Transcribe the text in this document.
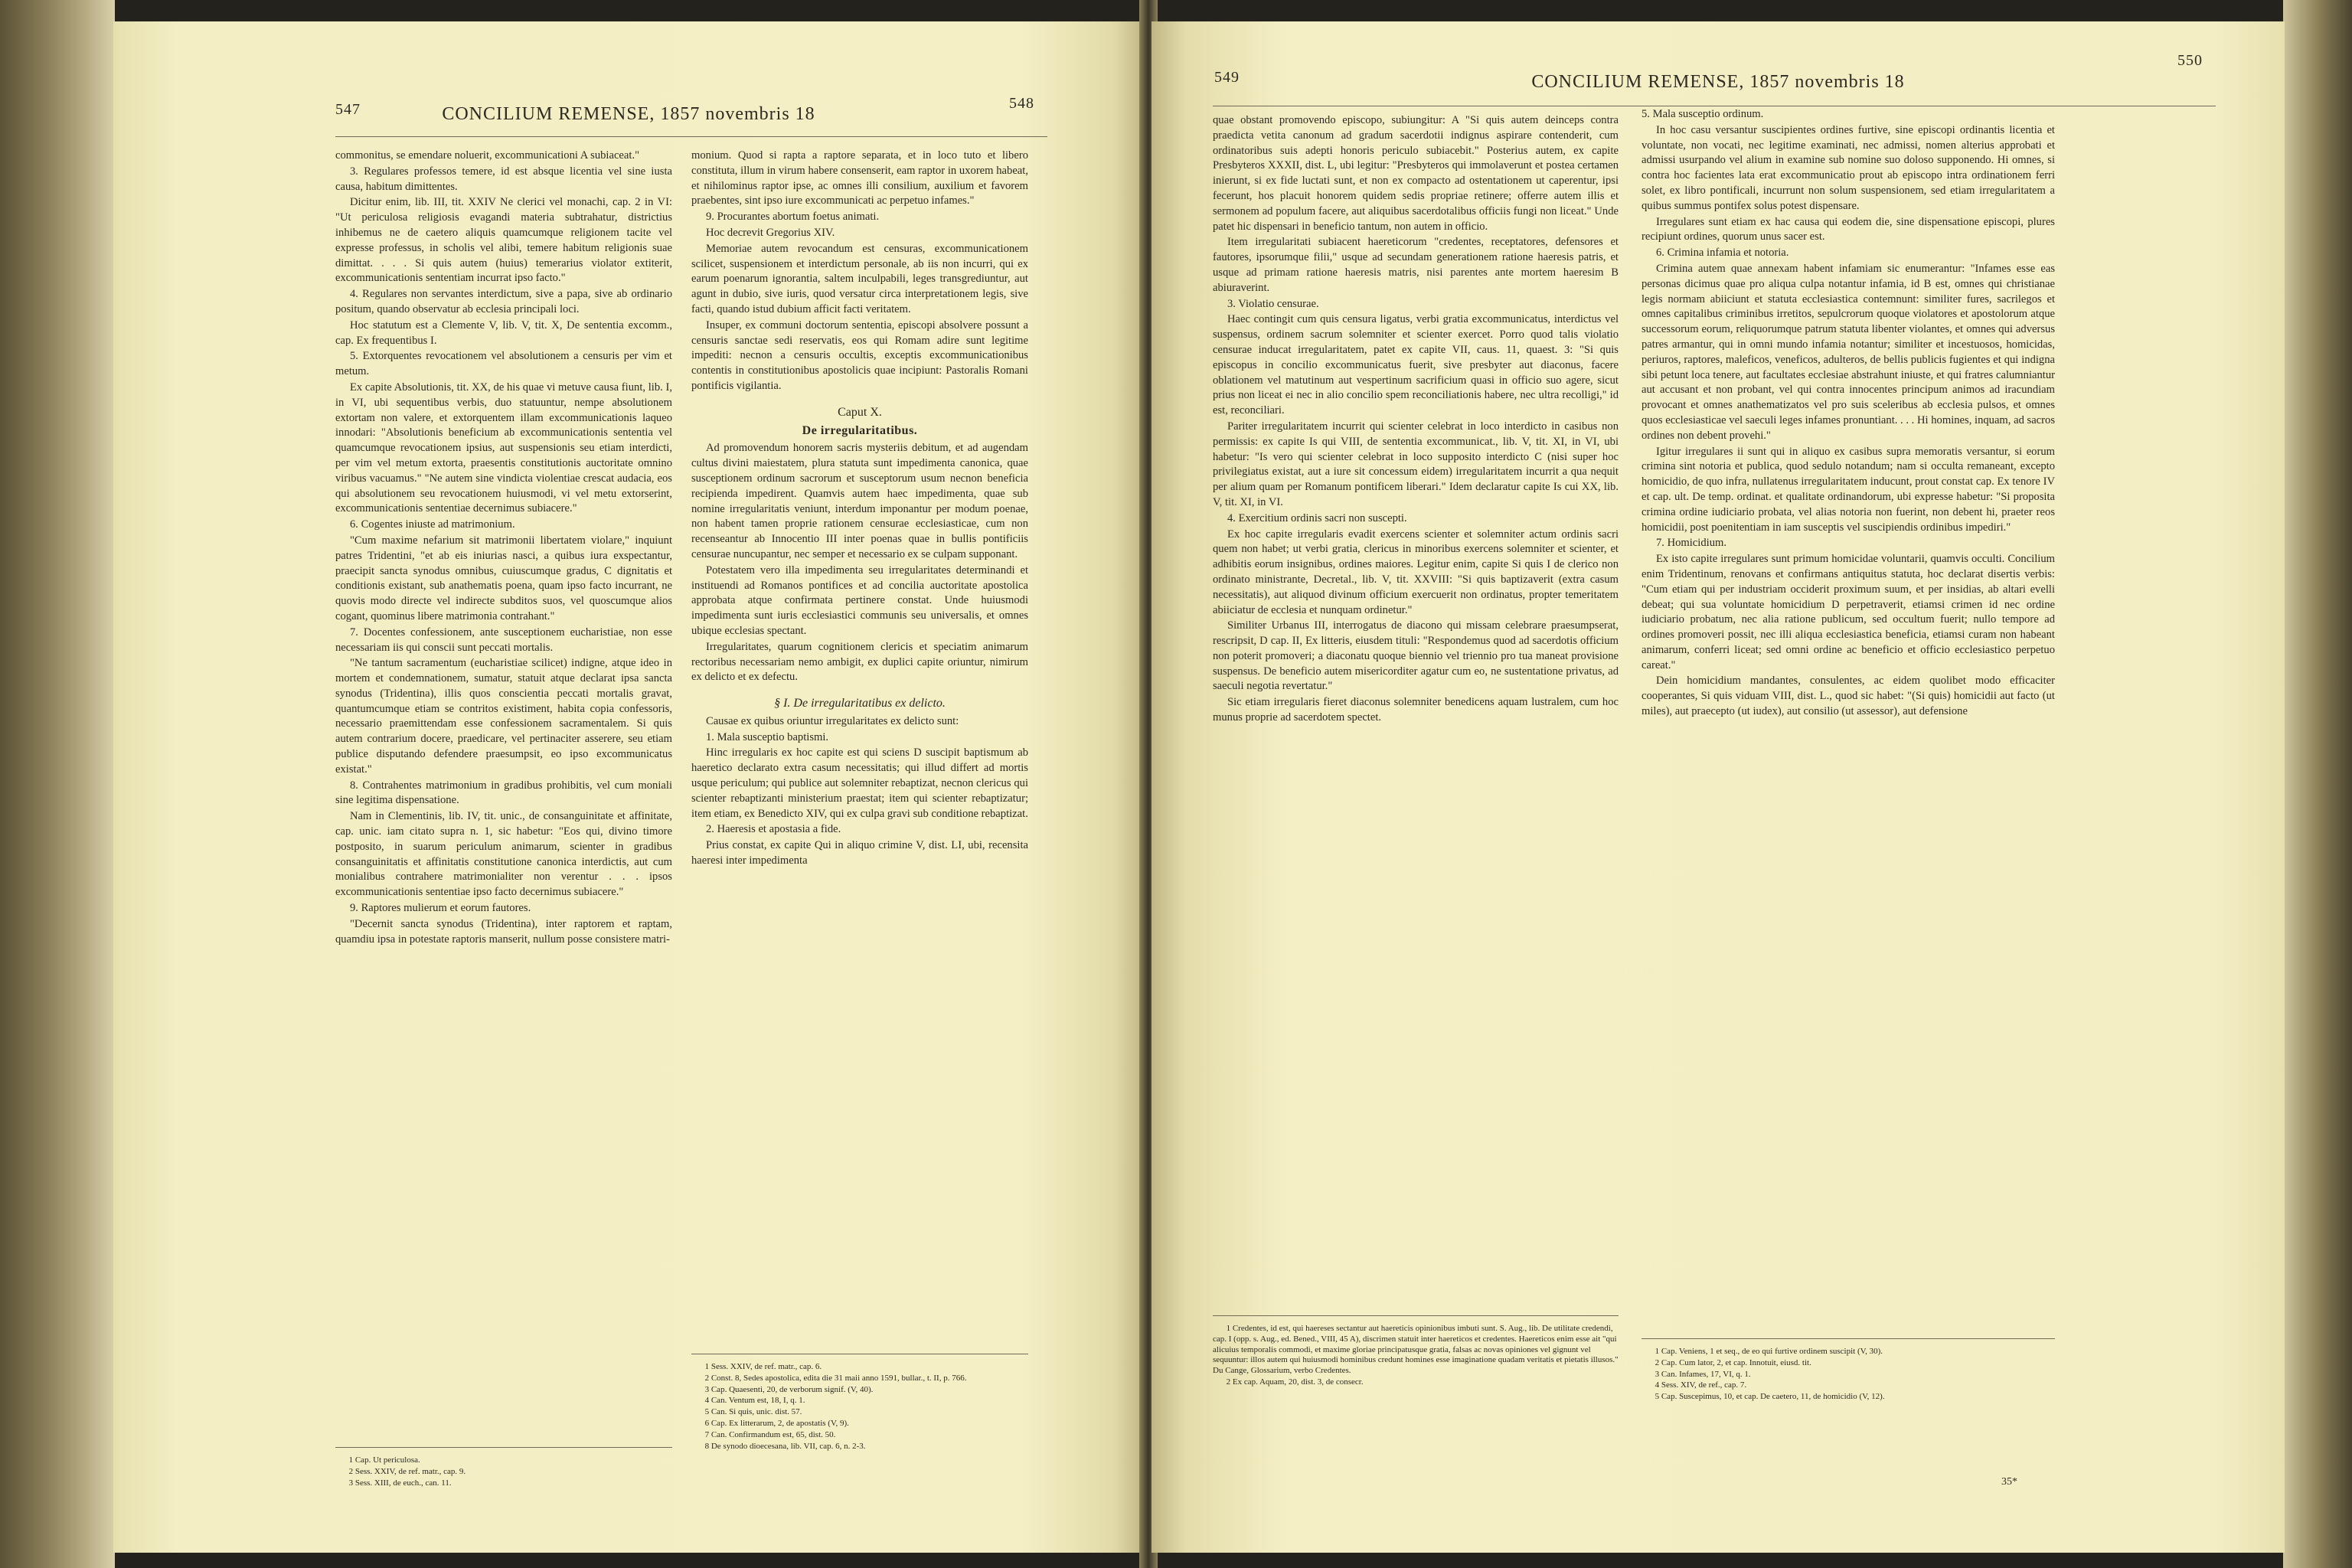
547	CONCILIUM REMENSE, 1857 novembris 18
548

commonitus, se emendare noluerit, excommunicationi A subiaceat."

3. Regulares professos temere, id est absque licentia vel sine iusta causa, habitum dimittentes.

Dicitur enim, lib. III, tit. XXIV Ne clerici vel monachi, cap. 2 in VI: "Ut periculosa religiosis evagandi materia subtrahatur, districtius inhibemus ne de caetero aliquis quamcumque religionem tacite vel expresse professus, in scholis vel alibi, temere habitum religionis suae dimittat. . . . Si quis autem (huius) temerarius violator extiterit, excommunicationis sententiam incurrat ipso facto."

4. Regulares non servantes interdictum, sive a papa, sive ab ordinario positum, quando observatur ab ecclesia principali loci.

Hoc statutum est a Clemente V, lib. V, tit. X, De sententia excomm., cap. Ex frequentibus I.

5. Extorquentes revocationem vel absolutionem a censuris per vim et metum.

Ex capite Absolutionis, tit. XX, de his quae vi metuve causa fiunt, lib. I, in VI, ubi sequentibus verbis, duo statuuntur, nempe absolutionem extortam non valere, et extorquentem illam excommunicationis laqueo innodari: "Absolutionis beneficium ab excommunicationis sententia vel quamcumque revocationem ipsius, aut suspensionis seu etiam interdicti, per vim vel metum extorta, praesentis constitutionis auctoritate omnino viribus vacuamus." "Ne autem sine vindicta violentiae crescat audacia, eos qui absolutionem seu revocationem huiusmodi, vi vel metu extorserint, excommunicationis sententiae decernimus subiacere."

6. Cogentes iniuste ad matrimonium.

"Cum maxime nefarium sit matrimonii libertatem violare," inquiunt patres Tridentini, "et ab eis iniurias nasci, a quibus iura exspectantur, praecipit sancta synodus omnibus, cuiuscumque gradus, C dignitatis et conditionis existant, sub anathematis poena, quam ipso facto incurrant, ne quovis modo directe vel indirecte subditos suos, vel quoscumque alios cogant, quominus libere matrimonia contrahant."

7. Docentes confessionem, ante susceptionem eucharistiae, non esse necessariam iis qui conscii sunt peccati mortalis.

"Ne tantum sacramentum (eucharistiae scilicet) indigne, atque ideo in mortem et condemnationem, sumatur, statuit atque declarat ipsa sancta synodus (Tridentina), illis quos conscientia peccati mortalis gravat, quantumcumque etiam se contritos existiment, habita copia confessoris, necessario praemittendam esse confessionem sacramentalem. Si quis autem contrarium docere, praedicare, vel pertinaciter asserere, seu etiam publice disputando defendere praesumpsit, eo ipso excommunicatus existat."

8. Contrahentes matrimonium in gradibus prohibitis, vel cum moniali sine legitima dispensatione.

Nam in Clementinis, lib. IV, tit. unic., de consanguinitate et affinitate, cap. unic. iam citato supra n. 1, sic habetur: "Eos qui, divino timore postposito, in suarum periculum animarum, scienter in gradibus consanguinitatis et affinitatis constitutione canonica interdictis, aut cum monialibus contrahere matrimonialiter non verentur . . . ipsos excommunicationis sententiae ipso facto decernimus subiacere."

9. Raptores mulierum et eorum fautores.

"Decernit sancta synodus (Tridentina), inter raptorem et raptam, quamdiu ipsa in potestate raptoris manserit, nullum posse consistere matri-

monium. Quod si rapta a raptore separata, et in loco tuto et libero constituta, illum in virum habere consenserit, eam raptor in uxorem habeat, et nihilominus raptor ipse, ac omnes illi consilium, auxilium et favorem praebentes, sint ipso iure excommunicati ac perpetuo infames."

9. Procurantes abortum foetus animati.

Hoc decrevit Gregorius XIV.

Memoriae autem revocandum est censuras, excommunicationem scilicet, suspensionem et interdictum personale, ab iis non incurri, qui ex earum poenarum ignorantia, saltem inculpabili, leges transgrediuntur, aut agunt in dubio, sive iuris, quod versatur circa interpretationem legis, sive facti, quando istud dubium afficit facti veritatem.

Insuper, ex communi doctorum sententia, episcopi absolvere possunt a censuris sanctae sedi reservatis, eos qui Romam adire sunt legitime impediti: necnon a censuris occultis, exceptis excommunicationibus contentis in constitutionibus apostolicis quae incipiunt: Pastoralis Romani pontificis vigilantia.

Caput X.
De irregularitatibus.

Ad promovendum honorem sacris mysteriis debitum, et ad augendam cultus divini maiestatem, plura statuta sunt impedimenta canonica, quae susceptionem ordinum sacrorum et susceptorum usum necnon beneficia recipienda impedirent. Quamvis autem haec impedimenta, quae sub nomine irregularitatis veniunt, interdum imponantur per modum poenae, non habent tamen proprie rationem censurae ecclesiasticae, cum non recenseantur ab Innocentio III inter poenas quae in bullis pontificiis censurae nuncupantur, nec semper et necessario ex se culpam supponant.

Potestatem vero illa impedimenta seu irregularitates determinandi et instituendi ad Romanos pontifices et ad concilia auctoritate apostolica approbata atque confirmata pertinere constat. Unde huiusmodi impedimenta sunt iuris ecclesiastici communis seu universalis, et omnes ubique ecclesias spectant.

Irregularitates, quarum cognitionem clericis et speciatim animarum rectoribus necessariam nemo ambigit, ex duplici capite oriuntur, nimirum ex delicto et ex defectu.

§ I. De irregularitatibus ex delicto.

Causae ex quibus oriuntur irregularitates ex delicto sunt:

1. Mala susceptio baptismi.

Hinc irregularis ex hoc capite est qui sciens D suscipit baptismum ab haeretico declarato extra casum necessitatis; qui illud differt ad mortis usque periculum; qui publice aut solemniter rebaptizat, necnon clericus qui scienter rebaptizanti ministerium praestat; item qui scienter rebaptizatur; item etiam, ex Benedicto XIV, qui ex culpa gravi sub conditione rebaptizat.

2. Haeresis et apostasia a fide.

Prius constat, ex capite Qui in aliquo crimine V, dist. LI, ubi, recensita haeresi inter impedimenta

1 Cap. Ut periculosa.
2 Sess. XXIV, de ref. matr., cap. 9.
3 Sess. XIII, de euch., can. 11.
1 Sess. XXIV, de ref. matr., cap. 6.
2 Const. 8, Sedes apostolica, edita die 31 maii anno 1591, bullar., t. II, p. 766.
3 Cap. Quaesenti, 20, de verborum signif. (V, 40).
4 Can. Ventum est, 18, I, q. 1.
5 Can. Si quis, unic. dist. 57.
6 Cap. Ex litterarum, 2, de apostatis (V, 9).
7 Can. Confirmandum est, 65, dist. 50.
8 De synodo dioecesana, lib. VII, cap. 6, n. 2-3.
549	CONCILIUM REMENSE, 1857 novembris 18
550

quae obstant promovendo episcopo, subiungitur: A "Si quis autem deinceps contra praedicta vetita canonum ad gradum sacerdotii indignus aspirare contenderit, cum ordinatoribus suis adepti honoris periculo subiacebit." Posterius autem, ex capite Presbyteros XXXII, dist. L, ubi legitur: "Presbyteros qui immolaverunt et postea certamen inierunt, si ex fide luctati sunt, et non ex compacto ad ostentationem ut caperentur, ipsi fecerunt, hos placuit honorem quidem sedis propriae retinere; offerre autem illis et sermonem ad populum facere, aut aliquibus sacerdotalibus officiis fungi non liceat." Unde patet hic dispensari in beneficio tantum, non autem in officio.

Item irregularitati subiacent haereticorum "credentes, receptatores, defensores et fautores, ipsorumque filii," usque ad secundam generationem ratione haeresis patris, et usque ad primam ratione haeresis matris, nisi parentes ante mortem haeresim B abiuraverint.

3. Violatio censurae.

Haec contingit cum quis censura ligatus, verbi gratia excommunicatus, interdictus vel suspensus, ordinem sacrum solemniter et scienter exercet. Porro quod talis violatio censurae inducat irregularitatem, patet ex capite VII, caus. 11, quaest. 3: "Si quis episcopus in concilio excommunicatus fuerit, sive presbyter aut diaconus, facere oblationem vel matutinum aut vespertinum sacrificium quasi in officio suo agere, sicut prius non liceat ei nec in alio concilio spem reconciliationis habere, nec ultra recolligi," id est, reconciliari.

Pariter irregularitatem incurrit qui scienter celebrat in loco interdicto in casibus non permissis: ex capite Is qui VIII, de sententia excommunicat., lib. V, tit. XI, in VI, ubi habetur: "Is vero qui scienter celebrat in loco supposito interdicto C (nisi super hoc privilegiatus existat, aut a iure sit concessum eidem) irregularitatem incurrit a qua nequit per alium quam per Romanum pontificem liberari." Idem declaratur capite Is cui XX, lib. V, tit. XI, in VI.

4. Exercitium ordinis sacri non suscepti.

Ex hoc capite irregularis evadit exercens scienter et solemniter actum ordinis sacri quem non habet; ut verbi gratia, clericus in minoribus exercens solemniter et scienter, et adhibitis eorum insignibus, ordines maiores. Legitur enim, capite Si quis I de clerico non ordinato ministrante, Decretal., lib. V, tit. XXVIII: "Si quis baptizaverit (extra casum necessitatis), aut aliquod divinum officium exercuerit non ordinatus, propter temeritatem abiiciatur de ecclesia et nunquam ordinetur."

Similiter Urbanus III, interrogatus de diacono qui missam celebrare praesumpserat, rescripsit, D cap. II, Ex litteris, eiusdem tituli: "Respondemus quod ad sacerdotis officium non poterit promoveri; a diaconatu quoque biennio vel triennio pro tua maneat provisione suspensus. De beneficio autem misericorditer agatur cum eo, ne sustentatione privatus, ad saeculi negotia revertatur."

Sic etiam irregularis fieret diaconus solemniter benedicens aquam lustralem, cum hoc munus proprie ad sacerdotem spectet.

5. Mala susceptio ordinum.

In hoc casu versantur suscipientes ordines furtive, sine episcopi ordinantis licentia et voluntate, non vocati, nec legitime examinati, nec admissi, nomen alterius approbati et admissi usurpando vel alium in examine sub nomine suo doloso supponendo. Hi omnes, si contra hoc facientes lata erat excommunicatio prout ab episcopo intra ordinationem ferri solet, ex libro pontificali, incurrunt non solum suspensionem, sed etiam irregularitatem a quibus summus pontifex solus potest dispensare.

Irregulares sunt etiam ex hac causa qui eodem die, sine dispensatione episcopi, plures recipiunt ordines, quorum unus sacer est.

6. Crimina infamia et notoria.

Crimina autem quae annexam habent infamiam sic enumerantur: "Infames esse eas personas dicimus quae pro aliqua culpa notantur infamia, id B est, omnes qui christianae legis normam abiiciunt et statuta ecclesiastica contemnunt: similiter fures, sacrilegos et omnes capitalibus criminibus irretitos, sepulcrorum quoque violatores et apostolorum atque successorum eorum, reliquorumque patrum statuta libenter violantes, et omnes qui adversus patres armantur, qui in omni mundo infamia notantur; similiter et incestuosos, homicidas, periuros, raptores, maleficos, veneficos, adulteros, de bellis publicis fugientes et qui indigna sibi petunt loca tenere, aut facultates ecclesiae abstrahunt iniuste, et qui fratres calumniantur aut accusant et non probant, vel qui contra innocentes principum animos ad iracundiam provocant et omnes anathematizatos vel pro suis sceleribus ab ecclesia pulsos, et omnes quos ecclesiasticae vel saeculi leges infames pronuntiant. . . . Hi homines, inquam, ad sacros ordines non debent provehi."

Igitur irregulares ii sunt qui in aliquo ex casibus supra memoratis versantur, si eorum crimina sint notoria et publica, quod sedulo notandum; nam si occulta remaneant, excepto homicidio, de quo infra, nullatenus irregularitatem inducunt, prout constat cap. Ex tenore IV et cap. ult. De temp. ordinat. et qualitate ordinandorum, ubi expresse habetur: "Si proposita crimina ordine iudiciario probata, vel alias notoria non fuerint, non debent hi, praeter reos homicidii, post poenitentiam in iam susceptis vel suscipiendis ordinibus impediri."

7. Homicidium.

Ex isto capite irregulares sunt primum homicidae voluntarii, quamvis occulti. Concilium enim Tridentinum, renovans et confirmans antiquitus statuta, hoc declarat disertis verbis: "Cum etiam qui per industriam occiderit proximum suum, et per insidias, ab altari evelli debeat; qui sua voluntate homicidium D perpetraverit, etiamsi crimen id nec ordine iudiciario probatum, nec alia ratione publicum, sed occultum fuerit; nullo tempore ad ordines promoveri possit, nec illi aliqua ecclesiastica beneficia, etiamsi curam non habeant animarum, conferri liceat; sed omni ordine ac beneficio et officio ecclesiastico perpetuo careat."

Dein homicidium mandantes, consulentes, ac eidem quolibet modo efficaciter cooperantes, Si quis viduam VIII, dist. L., quod sic habet: "(Si quis) homicidii aut facto (ut miles), aut praecepto (ut iudex), aut consilio (ut assessor), aut defensione

1 Credentes, id est, qui haereses sectantur aut haereticis opinionibus imbuti sunt. S. Aug., lib. De utilitate credendi, cap. I (opp. s. Aug., ed. Bened., VIII, 45 A), discrimen statuit inter haereticos et credentes. Haereticos enim esse ait "qui alicuius temporalis commodi, et maxime gloriae principatusque gratia, falsas ac novas opiniones vel gignunt vel sequuntur: illos autem qui huiusmodi hominibus credunt homines esse imaginatione quadam veritatis et pietatis illusos." Du Cange, Glossarium, verbo Credentes.
2 Ex cap. Aquam, 20, dist. 3, de consecr.
1 Cap. Veniens, 1 et seq., de eo qui furtive ordinem suscipit (V, 30).
2 Cap. Cum lator, 2, et cap. Innotuit, eiusd. tit.
3 Can. Infames, 17, VI, q. 1.
4 Sess. XIV, de ref., cap. 7.
5 Cap. Suscepimus, 10, et cap. De caetero, 11, de homicidio (V, 12).
35*
